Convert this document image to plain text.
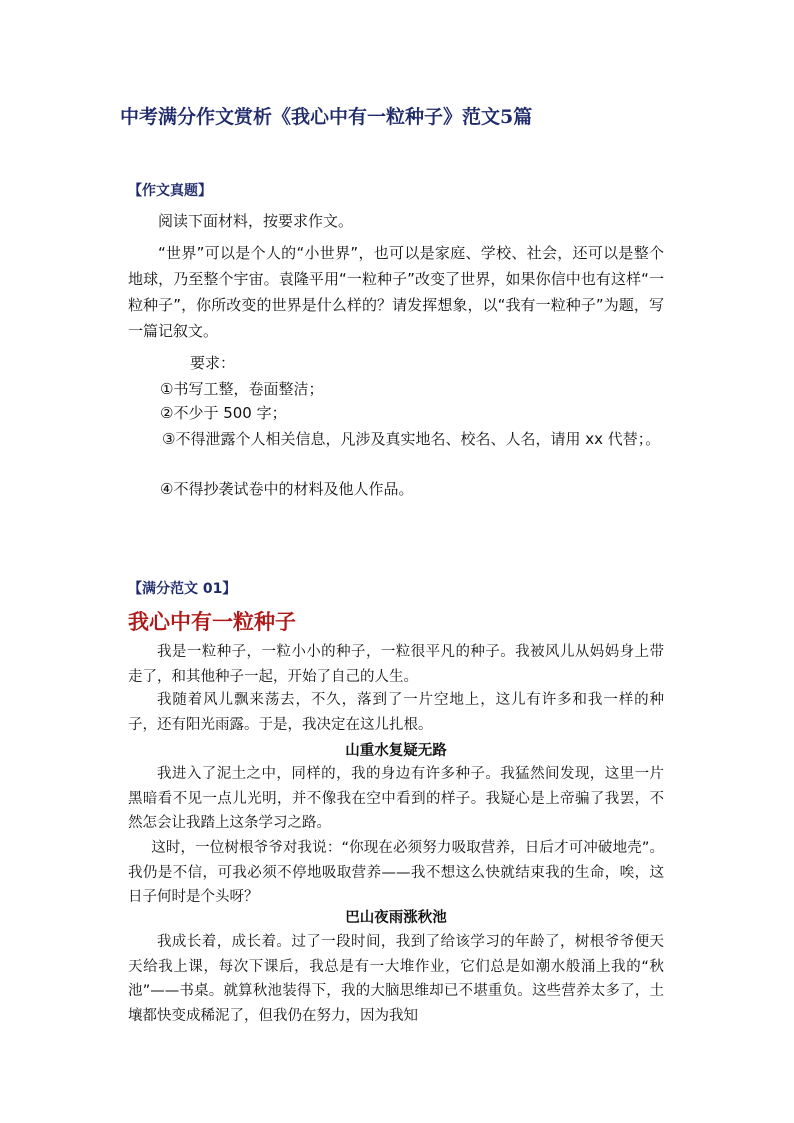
中考满分作文赏析《我心中有一粒种子》范文5篇
【作文真题】

阅读下面材料，按要求作文。

“世界”可以是个人的“小世界”，也可以是家庭、学校、社会，还可以是整个地球，乃至整个宇宙。袁隆平用“一粒种子”改变了世界，如果你信中也有这样“一粒种子”，你所改变的世界是什么样的？请发挥想象，以“我有一粒种子”为题，写一篇记叙文。

要求：

①书写工整，卷面整洁；

②不少于 500 字；

③不得泄露个人相关信息，凡涉及真实地名、校名、人名，请用 xx 代替；。

④不得抄袭试卷中的材料及他人作品。

【满分范文 01】
我心中有一粒种子

我是一粒种子，一粒小小的种子，一粒很平凡的种子。我被风儿从妈妈身上带走了，和其他种子一起，开始了自己的人生。

我随着风儿飘来荡去，不久，落到了一片空地上，这儿有许多和我一样的种子，还有阳光雨露。于是，我决定在这儿扎根。

山重水复疑无路

我进入了泥土之中，同样的，我的身边有许多种子。我猛然间发现，这里一片黑暗看不见一点儿光明，并不像我在空中看到的样子。我疑心是上帝骗了我罢，不然怎会让我踏上这条学习之路。

这时，一位树根爷爷对我说：“你现在必须努力吸取营养，日后才可冲破地壳”。我仍是不信，可我必须不停地吸取营养——我不想这么快就结束我的生命，唉，这日子何时是个头呀？

巴山夜雨涨秋池

我成长着，成长着。过了一段时间，我到了给该学习的年龄了，树根爷爷便天天给我上课，每次下课后，我总是有一大堆作业，它们总是如潮水般涌上我的“秋池”——书桌。就算秋池装得下，我的大脑思维却已不堪重负。这些营养太多了，土壤都快变成稀泥了，但我仍在努力，因为我知
